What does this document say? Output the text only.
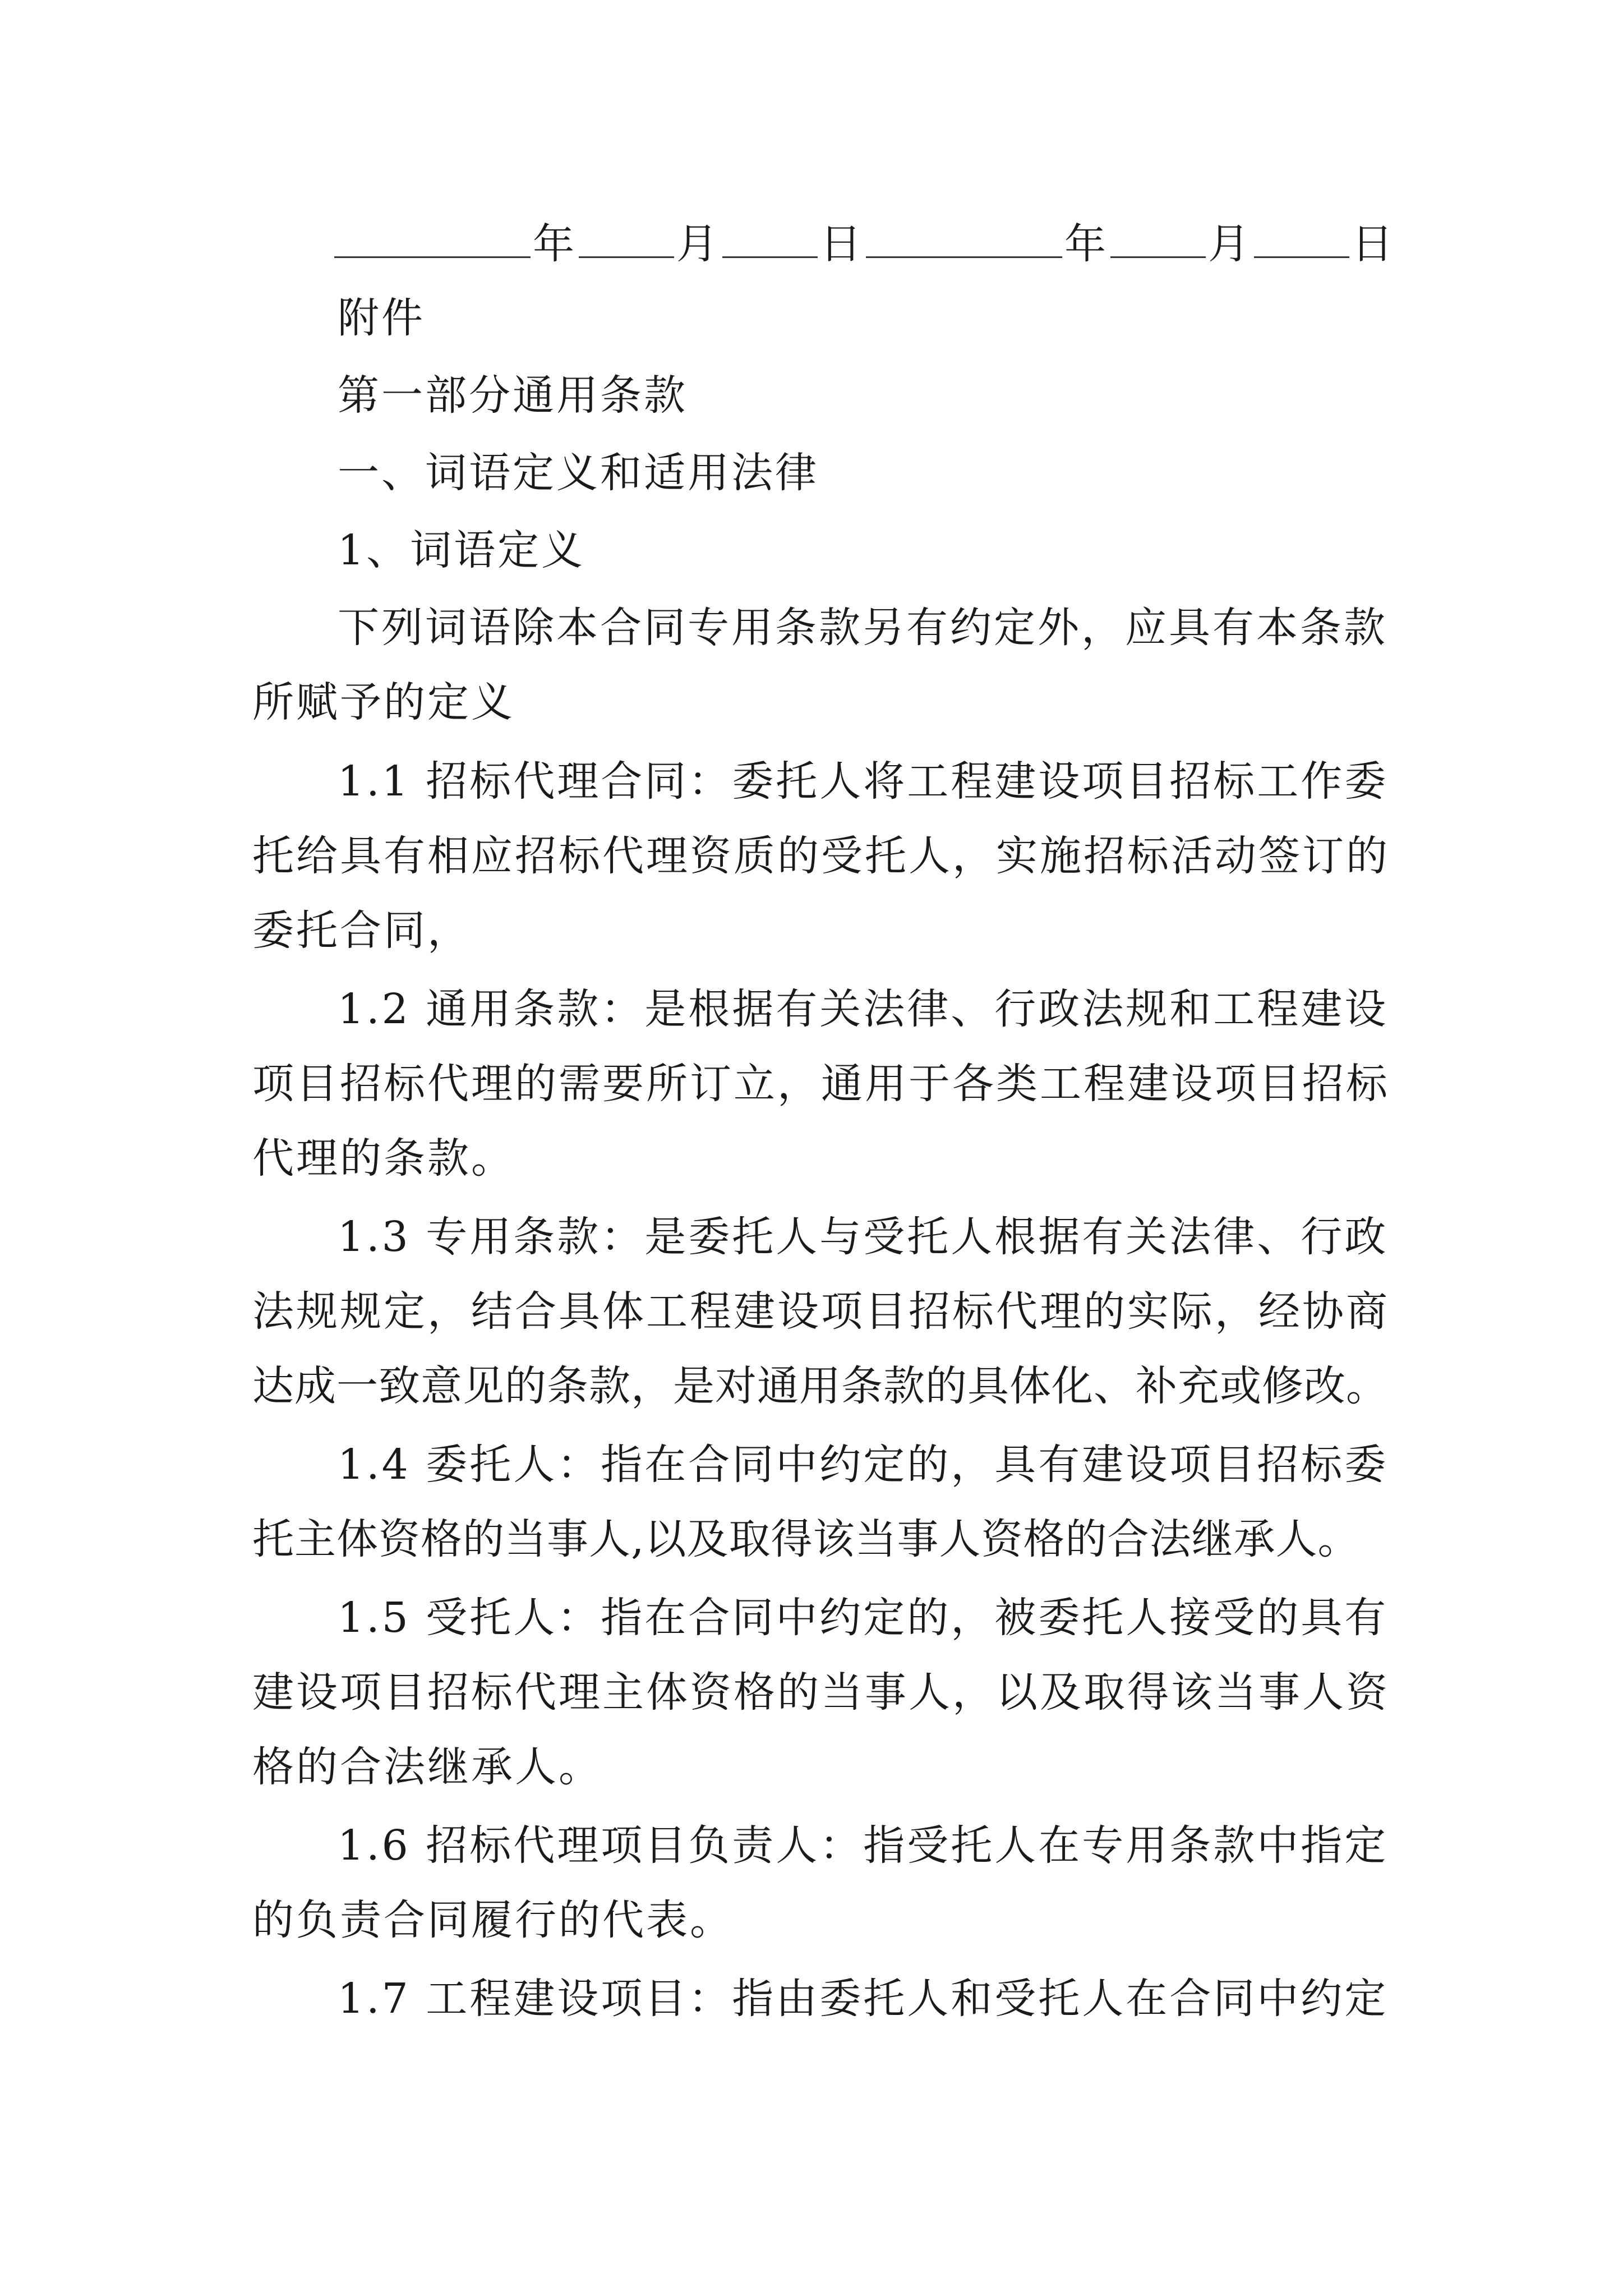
年 月 日	年 月 日
附件
第一部分通用条款
一、词语定义和适用法律
1、词语定义
下列词语除本合同专用条款另有约定外，应具有本条款
所赋予的定义
1.1 招标代理合同：委托人将工程建设项目招标工作委
托给具有相应招标代理资质的受托人，实施招标活动签订的
委托合同，
1.2 通用条款：是根据有关法律、行政法规和工程建设
项目招标代理的需要所订立，通用于各类工程建设项目招标
代理的条款。
1.3 专用条款：是委托人与受托人根据有关法律、行政
法规规定，结合具体工程建设项目招标代理的实际，经协商
达成一致意见的条款，是对通用条款的具体化、补充或修改。
1.4 委托人：指在合同中约定的，具有建设项目招标委
托主体资格的当事人,以及取得该当事人资格的合法继承人。
1.5 受托人：指在合同中约定的，被委托人接受的具有
建设项目招标代理主体资格的当事人，以及取得该当事人资
格的合法继承人。
1.6 招标代理项目负责人：指受托人在专用条款中指定
的负责合同履行的代表。
1.7 工程建设项目：指由委托人和受托人在合同中约定
